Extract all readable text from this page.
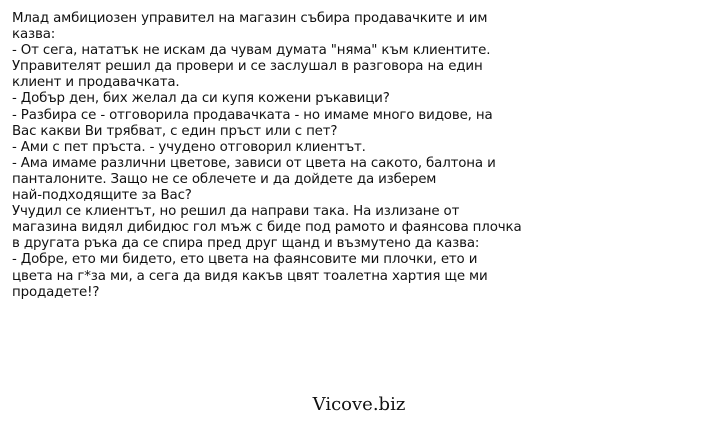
Млад амбициозен управител на магазин събира продавачките и им
казва:
- От сега, нататък не искам да чувам думата "няма" към клиентите.
Управителят решил да провери и се заслушал в разговора на един
клиент и продавачката.
- Добър ден, бих желал да си купя кожени ръкавици?
- Разбира се - отговорила продавачката - но имаме много видове, на
Вас какви Ви трябват, с един пръст или с пет?
- Ами с пет пръста. - учудено отговорил клиентът.
- Ама имаме различни цветове, зависи от цвета на сакото, балтона и
панталоните. Защо не се облечете и да дойдете да изберем
най-подходящите за Вас?
Учудил се клиентът, но решил да направи така. На излизане от
магазина видял дибидюс гол мъж с биде под рамото и фаянсова плочка
в другата ръка да се спира пред друг щанд и възмутено да казва:
- Добре, ето ми бидето, ето цвета на фаянсовите ми плочки, ето и
цвета на г*за ми, а сега да видя какъв цвят тоалетна хартия ще ми
продадете!?
Vicove.biz
